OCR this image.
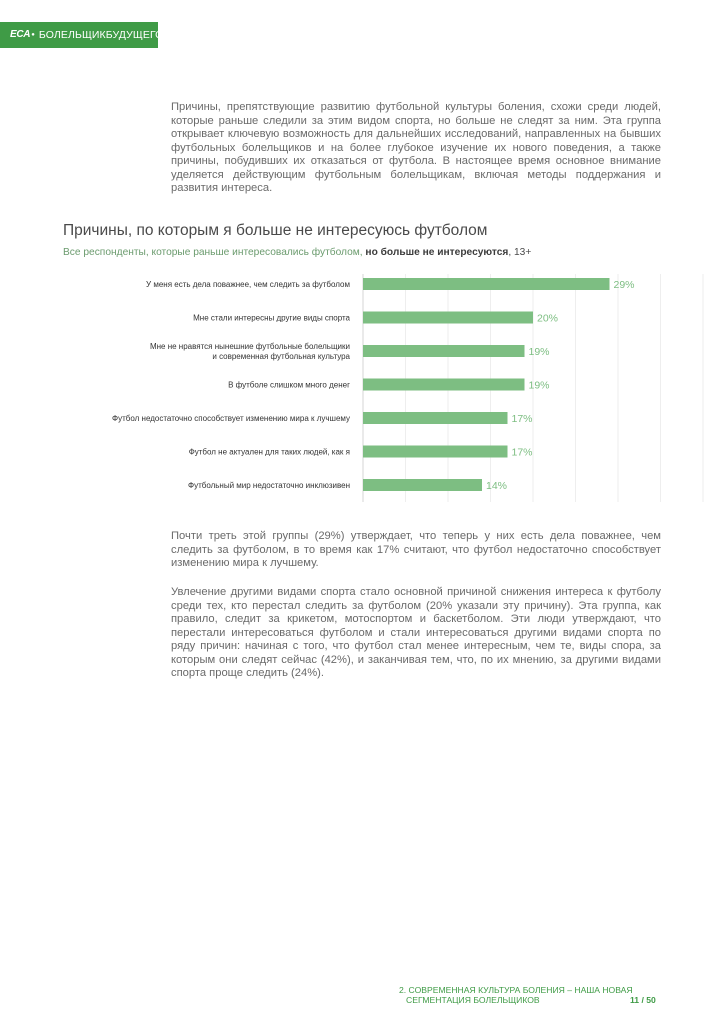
ECA ● БОЛЕЛЬЩИКБУДУЩЕГО

Причины, препятствующие развитию футбольной культуры боления, схожи среди людей, которые раньше следили за этим видом спорта, но больше не следят за ним. Эта группа открывает ключевую возможность для дальнейших исследований, направленных на бывших футбольных болельщиков и на более глубокое изучение их нового поведения, а также причины, побудивших их отказаться от футбола. В настоящее время основное внимание уделяется действующим футбольным болельщикам, включая методы поддержания и развития интереса.

Причины, по которым я больше не интересуюсь футболом
Все респонденты, которые раньше интересовались футболом, но больше не интересуются, 13+
29%
У меня есть дела поважнее, чем следить за футболом
20%
Мне стали интересны другие виды спорта
19%
Мне не нравятся нынешние футбольные болельщики
и современная футбольная культура
19%
В футболе слишком много денег
17%
Футбол недостаточно способствует изменению мира к лучшему
17%
Футбол не актуален для таких людей, как я
14%
Футбольный мир недостаточно инклюзивен

Почти треть этой группы (29%) утверждает, что теперь у них есть дела поважнее, чем следить за футболом, в то время как 17% считают, что футбол недостаточно способствует изменению мира к лучшему.

Увлечение другими видами спорта стало основной причиной снижения интереса к футболу среди тех, кто перестал следить за футболом (20% указали эту причину). Эта группа, как правило, следит за крикетом, мотоспортом и баскетболом. Эти люди утверждают, что перестали интересоваться футболом и стали интересоваться другими видами спорта по ряду причин: начиная с того, что футбол стал менее интересным, чем те, виды спора, за которым они следят сейчас (42%), и заканчивая тем, что, по их мнению, за другими видами спорта проще следить (24%).

2. СОВРЕМЕННАЯ КУЛЬТУРА БОЛЕНИЯ – НАША НОВАЯ
СЕГМЕНТАЦИЯ БОЛЕЛЬЩИКОВ	11 / 50
